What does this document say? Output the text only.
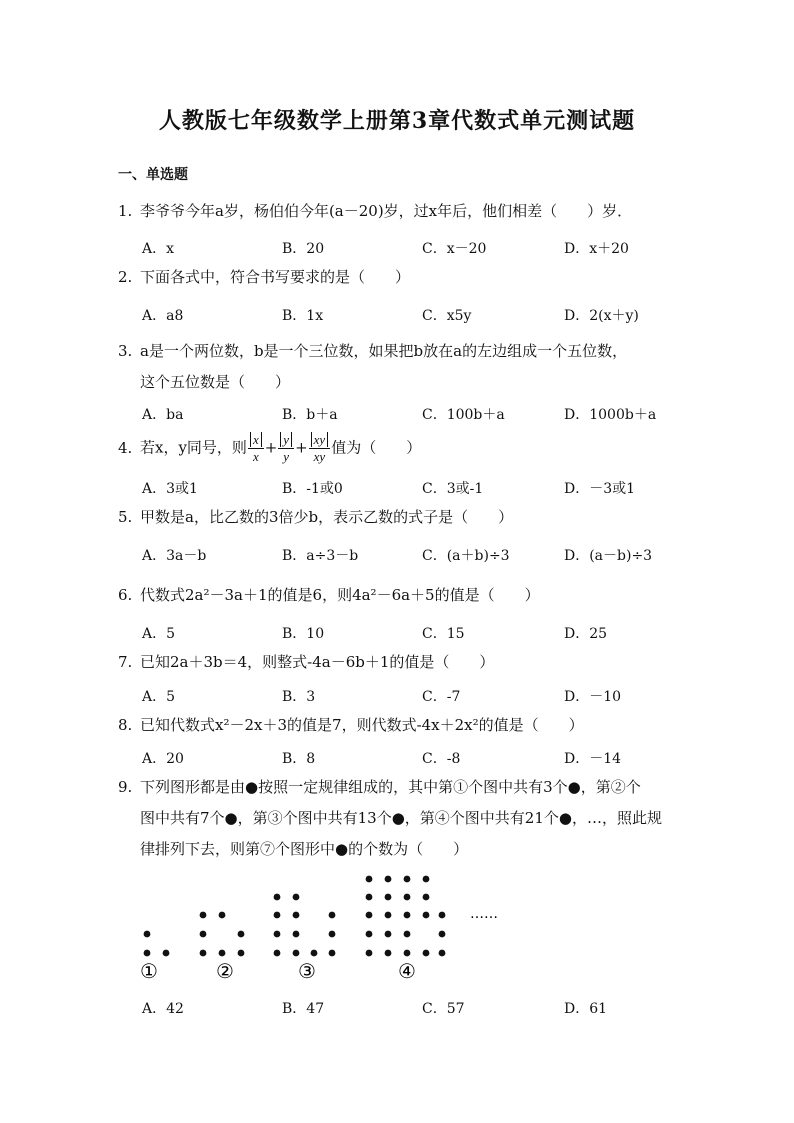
人教版七年级数学上册第3章代数式单元测试题
一、单选题
1. 李爷爷今年a岁，杨伯伯今年(a－20)岁，过x年后，他们相差（　　）岁．
A．x	B．20	C．x－20	D．x＋20
2. 下面各式中，符合书写要求的是（　　）
A．a8	B．1x	C．x5y	D．2(x＋y)
3. a是一个两位数，b是一个三位数，如果把b放在a的左边组成一个五位数，
这个五位数是（　　）
A．ba	B．b＋a	C．100b＋a	D．1000b＋a
4. 若x，y同号，则 $\frac{x}{x} + \frac{y}{y} + \frac{xy}{xy}$ 值为（　　）
A．3或1	B．-1或0	C．3或-1	D．－3或1
5. 甲数是a，比乙数的3倍少b，表示乙数的式子是（　　）
A．3a－b	B．a÷3－b	C．(a＋b)÷3	D．(a－b)÷3
6. 代数式2a²－3a＋1的值是6，则4a²－6a＋5的值是（　　）
A．5	B．10	C．15	D．25
7. 已知2a＋3b＝4，则整式-4a－6b＋1的值是（　　）
A．5	B．3	C．-7	D．－10
8. 已知代数式x²－2x＋3的值是7，则代数式-4x＋2x²的值是（　　）
A．20	B．8	C．-8	D．－14
9. 下列图形都是由●按照一定规律组成的，其中第①个图中共有3个●，第②个
图中共有7个●，第③个图中共有13个●，第④个图中共有21个●，…，照此规
律排列下去，则第⑦个图形中●的个数为（　　）
①	②	③	④
……
A．42	B．47	C．57	D．61
